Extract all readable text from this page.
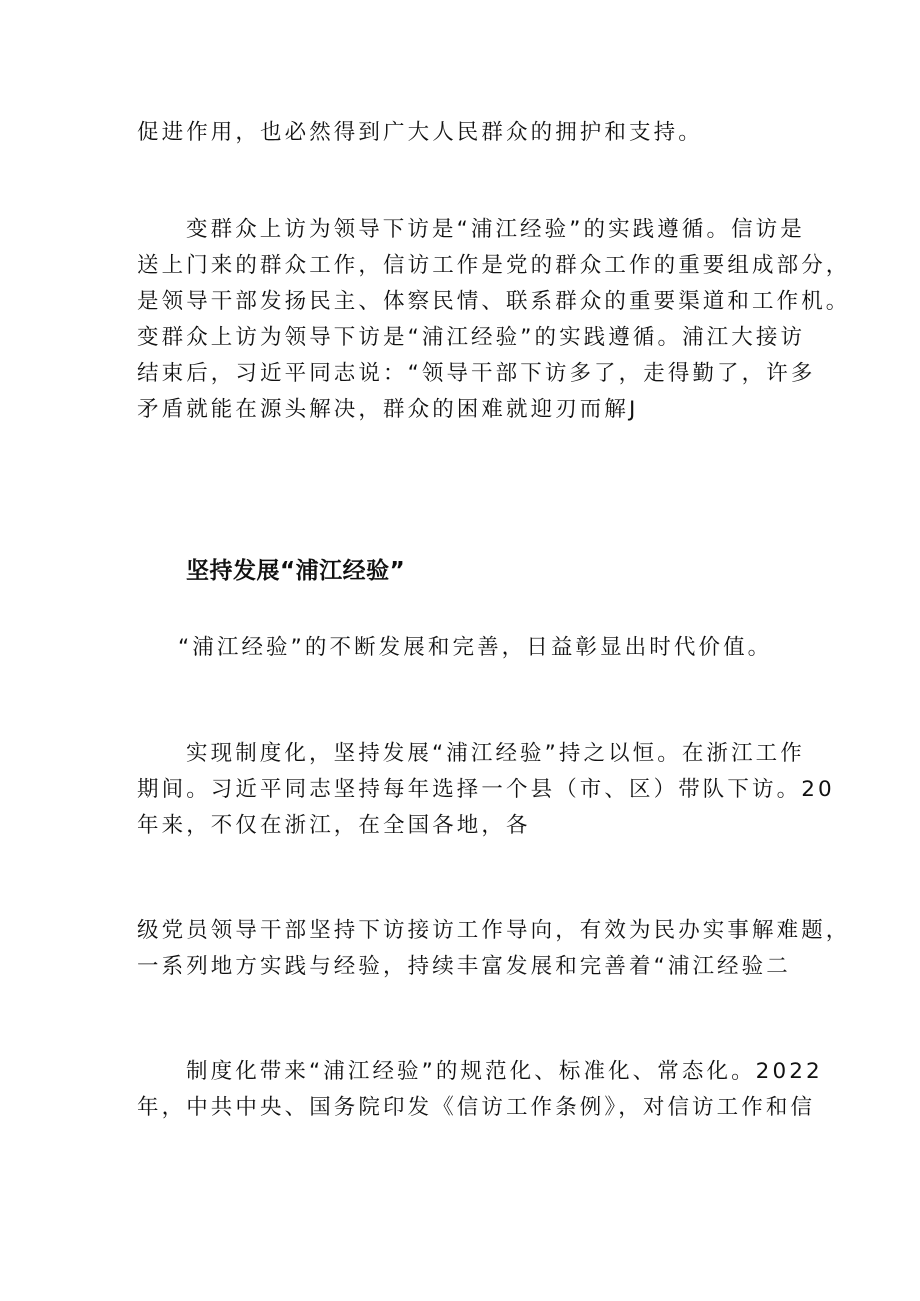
促进作用，也必然得到广大人民群众的拥护和支持。

变群众上访为领导下访是“浦江经验”的实践遵循。信访是

送上门来的群众工作，信访工作是党的群众工作的重要组成部分，

是领导干部发扬民主、体察民情、联系群众的重要渠道和工作机。

变群众上访为领导下访是“浦江经验”的实践遵循。浦江大接访

结束后，习近平同志说：“领导干部下访多了，走得勤了，许多

矛盾就能在源头解决，群众的困难就迎刃而解J

坚持发展“浦江经验”

“浦江经验”的不断发展和完善，日益彰显出时代价值。

实现制度化，坚持发展“浦江经验”持之以恒。在浙江工作

期间。习近平同志坚持每年选择一个县（市、区）带队下访。20

年来，不仅在浙江，在全国各地，各

级党员领导干部坚持下访接访工作导向，有效为民办实事解难题，

一系列地方实践与经验，持续丰富发展和完善着“浦江经验二

制度化带来“浦江经验”的规范化、标准化、常态化。2022

年，中共中央、国务院印发《信访工作条例》，对信访工作和信
